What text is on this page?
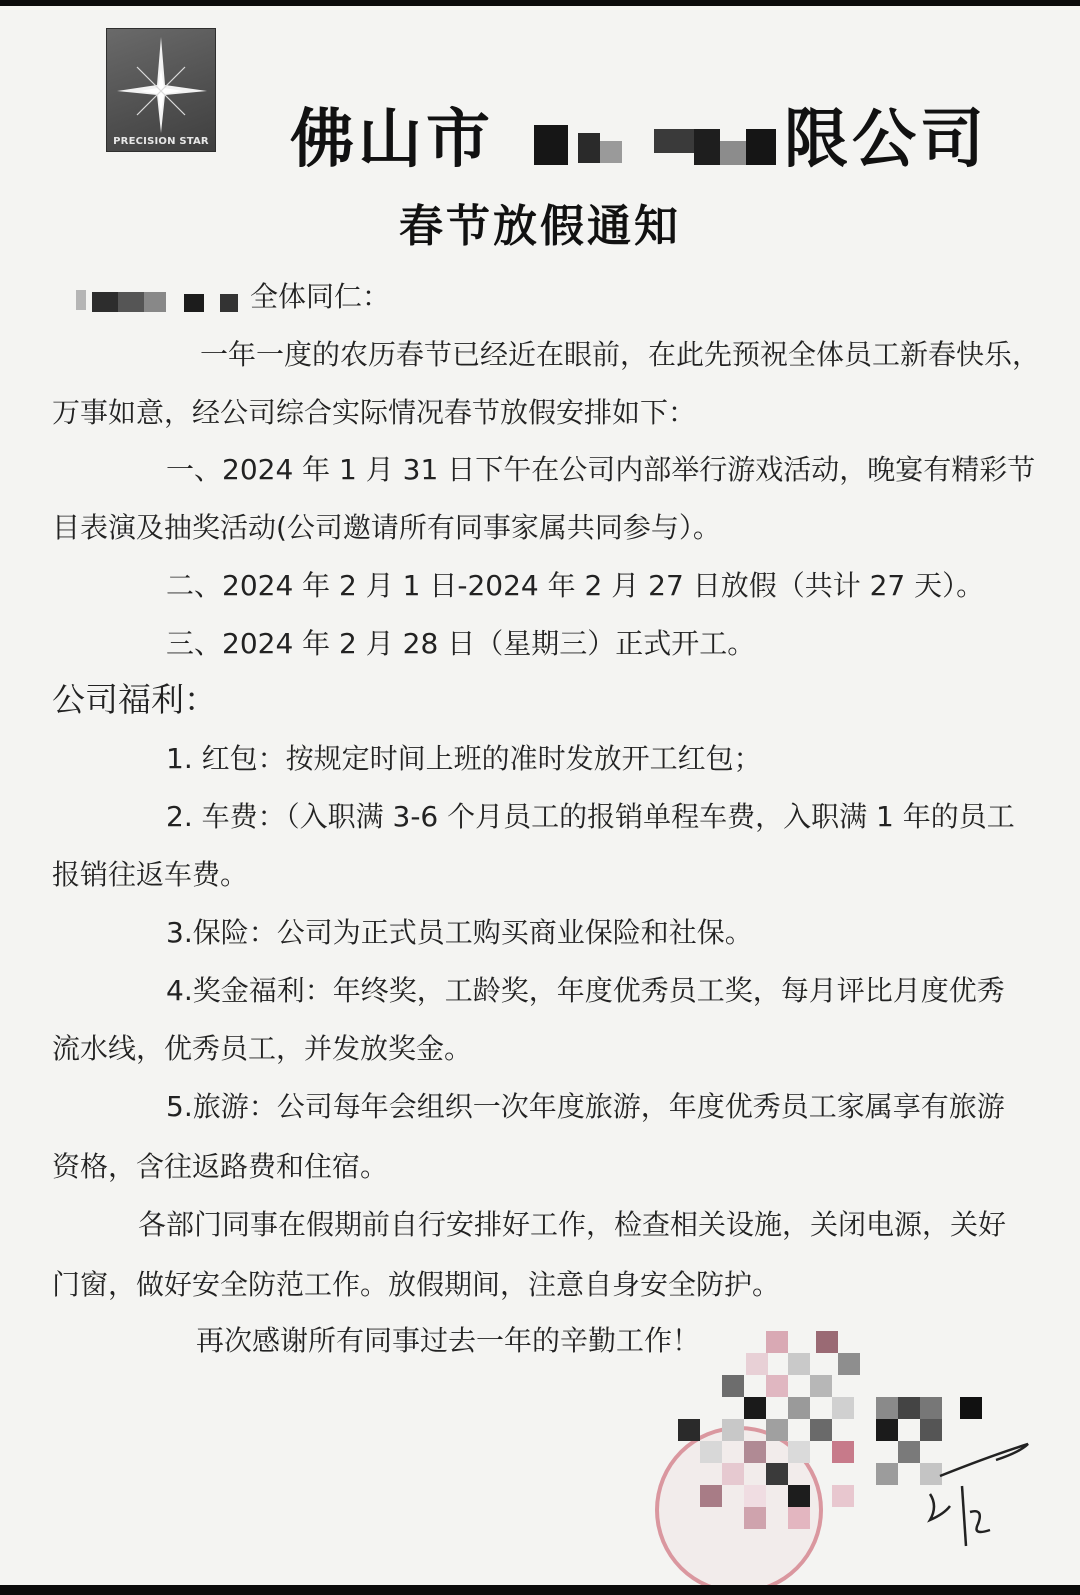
PRECISION STAR 佛山市	限公司
春节放假通知
全体同仁：
一年一度的农历春节已经近在眼前，在此先预祝全体员工新春快乐，
万事如意，经公司综合实际情况春节放假安排如下：
一、2024 年 1 月 31 日下午在公司内部举行游戏活动，晚宴有精彩节
目表演及抽奖活动(公司邀请所有同事家属共同参与）。
二、2024 年 2 月 1 日-2024 年 2 月 27 日放假（共计 27 天）。
三、2024 年 2 月 28 日（星期三）正式开工。
公司福利：
1. 红包：按规定时间上班的准时发放开工红包；
2. 车费：（入职满 3-6 个月员工的报销单程车费，入职满 1 年的员工
报销往返车费。
3.保险：公司为正式员工购买商业保险和社保。
4.奖金福利：年终奖，工龄奖，年度优秀员工奖，每月评比月度优秀
流水线，优秀员工，并发放奖金。
5.旅游：公司每年会组织一次年度旅游，年度优秀员工家属享有旅游
资格，含往返路费和住宿。
各部门同事在假期前自行安排好工作，检查相关设施，关闭电源，关好
门窗，做好安全防范工作。放假期间，注意自身安全防护。
再次感谢所有同事过去一年的辛勤工作！
